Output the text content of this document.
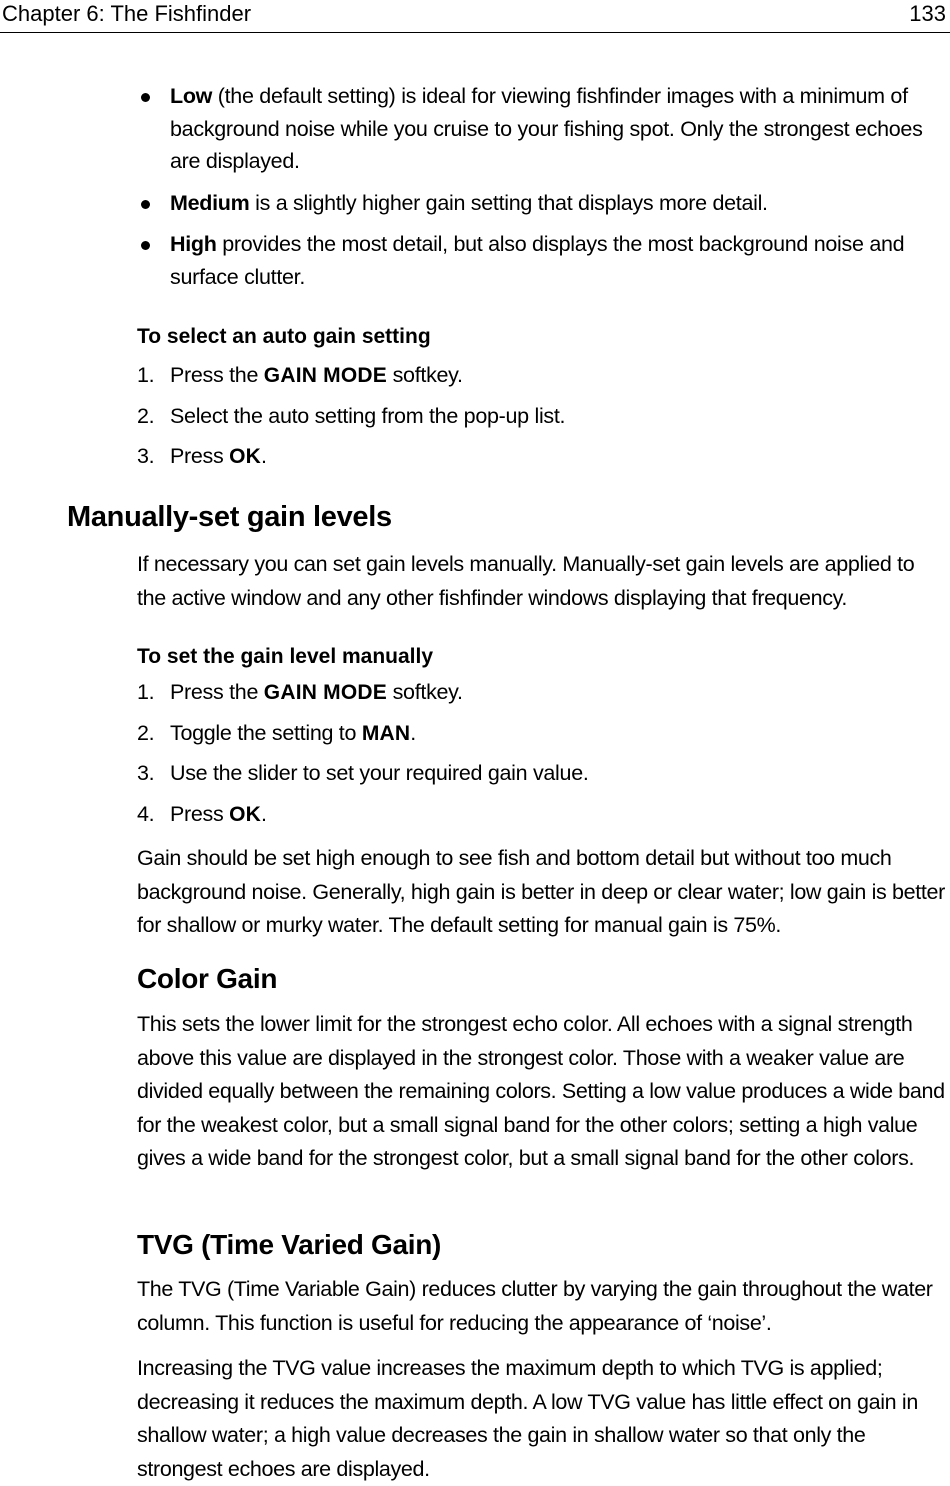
Chapter 6: The Fishfinder	133
Low (the default setting) is ideal for viewing fishfinder images with a minimum of background noise while you cruise to your fishing spot. Only the strongest echoes are displayed.
Medium is a slightly higher gain setting that displays more detail.
High provides the most detail, but also displays the most background noise and surface clutter.
To select an auto gain setting
1. Press the GAIN MODE softkey.
2. Select the auto setting from the pop-up list.
3. Press OK.
Manually-set gain levels

If necessary you can set gain levels manually. Manually-set gain levels are applied to the active window and any other fishfinder windows displaying that frequency.

To set the gain level manually
1. Press the GAIN MODE softkey.
2. Toggle the setting to MAN.
3. Use the slider to set your required gain value.
4. Press OK.

Gain should be set high enough to see fish and bottom detail but without too much background noise. Generally, high gain is better in deep or clear water; low gain is better for shallow or murky water. The default setting for manual gain is 75%.

Color Gain

This sets the lower limit for the strongest echo color. All echoes with a signal strength above this value are displayed in the strongest color. Those with a weaker value are divided equally between the remaining colors. Setting a low value produces a wide band for the weakest color, but a small signal band for the other colors; setting a high value gives a wide band for the strongest color, but a small signal band for the other colors.

TVG (Time Varied Gain)

The TVG (Time Variable Gain) reduces clutter by varying the gain throughout the water column. This function is useful for reducing the appearance of ‘noise’.

Increasing the TVG value increases the maximum depth to which TVG is applied; decreasing it reduces the maximum depth. A low TVG value has little effect on gain in shallow water; a high value decreases the gain in shallow water so that only the strongest echoes are displayed.
